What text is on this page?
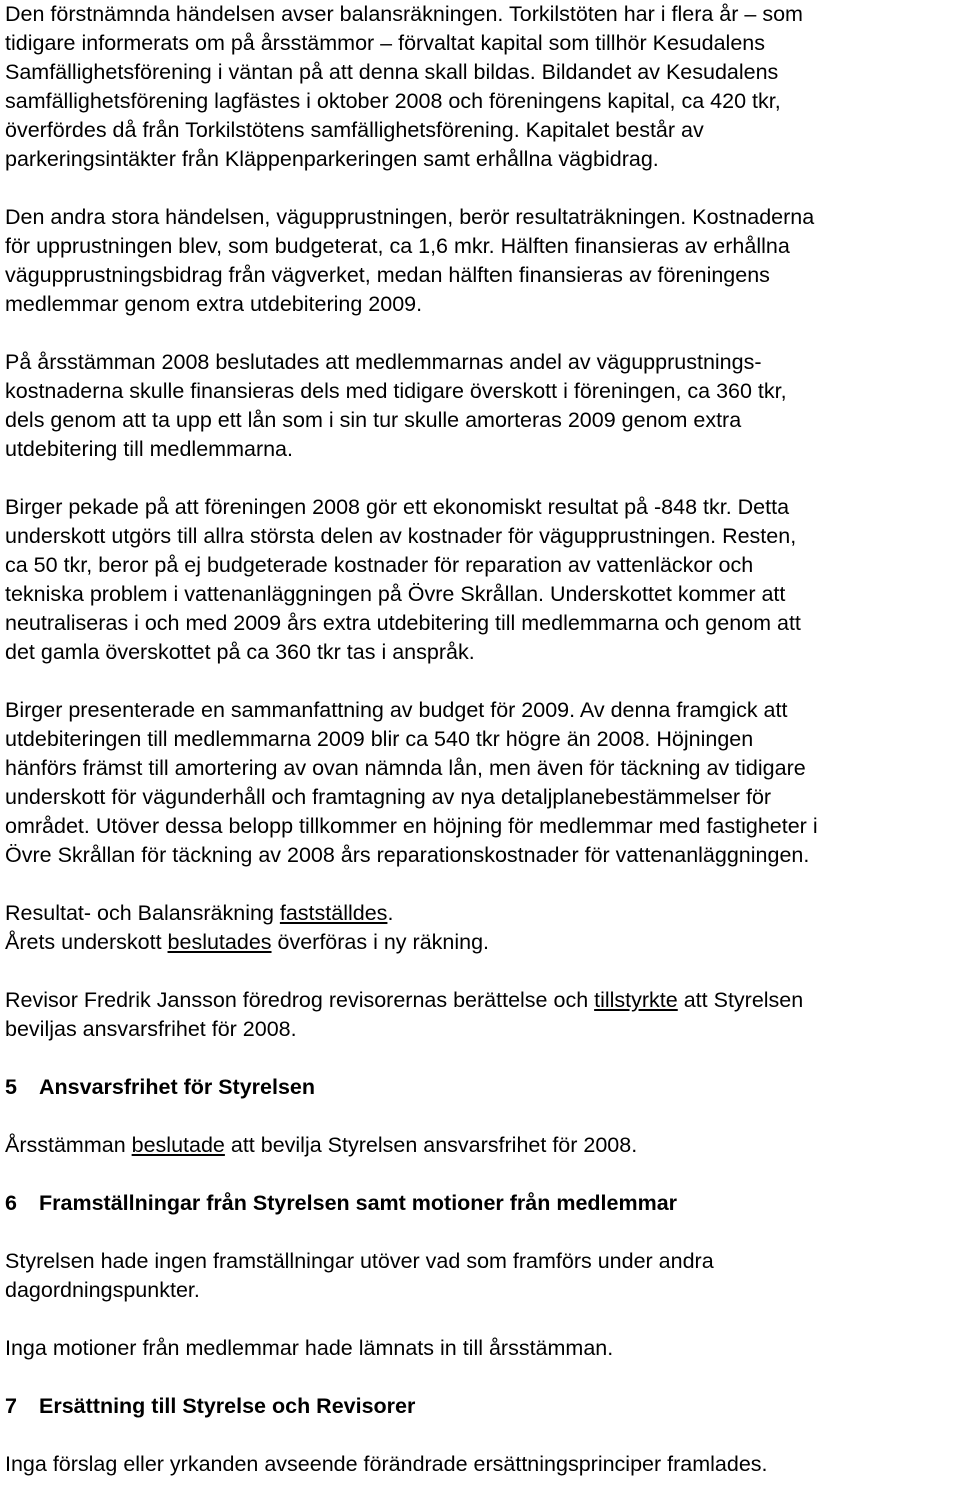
Den förstnämnda händelsen avser balansräkningen. Torkilstöten har i flera år – som
tidigare informerats om på årsstämmor – förvaltat kapital som tillhör Kesudalens
Samfällighetsförening i väntan på att denna skall bildas. Bildandet av Kesudalens
samfällighetsförening lagfästes i oktober 2008 och föreningens kapital, ca 420 tkr,
överfördes då från Torkilstötens samfällighetsförening. Kapitalet består av
parkeringsintäkter från Kläppenparkeringen samt erhållna vägbidrag.

Den andra stora händelsen, vägupprustningen, berör resultaträkningen. Kostnaderna
för upprustningen blev, som budgeterat, ca 1,6 mkr. Hälften finansieras av erhållna
vägupprustningsbidrag från vägverket, medan hälften finansieras av föreningens
medlemmar genom extra utdebitering 2009.

På årsstämman 2008 beslutades att medlemmarnas andel av vägupprustnings-
kostnaderna skulle finansieras dels med tidigare överskott i föreningen, ca 360 tkr,
dels genom att ta upp ett lån som i sin tur skulle amorteras 2009 genom extra
utdebitering till medlemmarna.

Birger pekade på att föreningen 2008 gör ett ekonomiskt resultat på -848 tkr. Detta
underskott utgörs till allra största delen av kostnader för vägupprustningen. Resten,
ca 50 tkr, beror på ej budgeterade kostnader för reparation av vattenläckor och
tekniska problem i vattenanläggningen på Övre Skrållan. Underskottet kommer att
neutraliseras i och med 2009 års extra utdebitering till medlemmarna och genom att
det gamla överskottet på ca 360 tkr tas i anspråk.

Birger presenterade en sammanfattning av budget för 2009. Av denna framgick att
utdebiteringen till medlemmarna 2009 blir ca 540 tkr högre än 2008. Höjningen
hänförs främst till amortering av ovan nämnda lån, men även för täckning av tidigare
underskott för vägunderhåll och framtagning av nya detaljplanebestämmelser för
området. Utöver dessa belopp tillkommer en höjning för medlemmar med fastigheter i
Övre Skrållan för täckning av 2008 års reparationskostnader för vattenanläggningen.

Resultat- och Balansräkning fastställdes.
Årets underskott beslutades överföras i ny räkning.

Revisor Fredrik Jansson föredrog revisorernas berättelse och tillstyrkte att Styrelsen
beviljas ansvarsfrihet för 2008.

5 Ansvarsfrihet för Styrelsen

Årsstämman beslutade att bevilja Styrelsen ansvarsfrihet för 2008.

6 Framställningar från Styrelsen samt motioner från medlemmar

Styrelsen hade ingen framställningar utöver vad som framförs under andra
dagordningspunkter.

Inga motioner från medlemmar hade lämnats in till årsstämman.

7 Ersättning till Styrelse och Revisorer

Inga förslag eller yrkanden avseende förändrade ersättningsprinciper framlades.
